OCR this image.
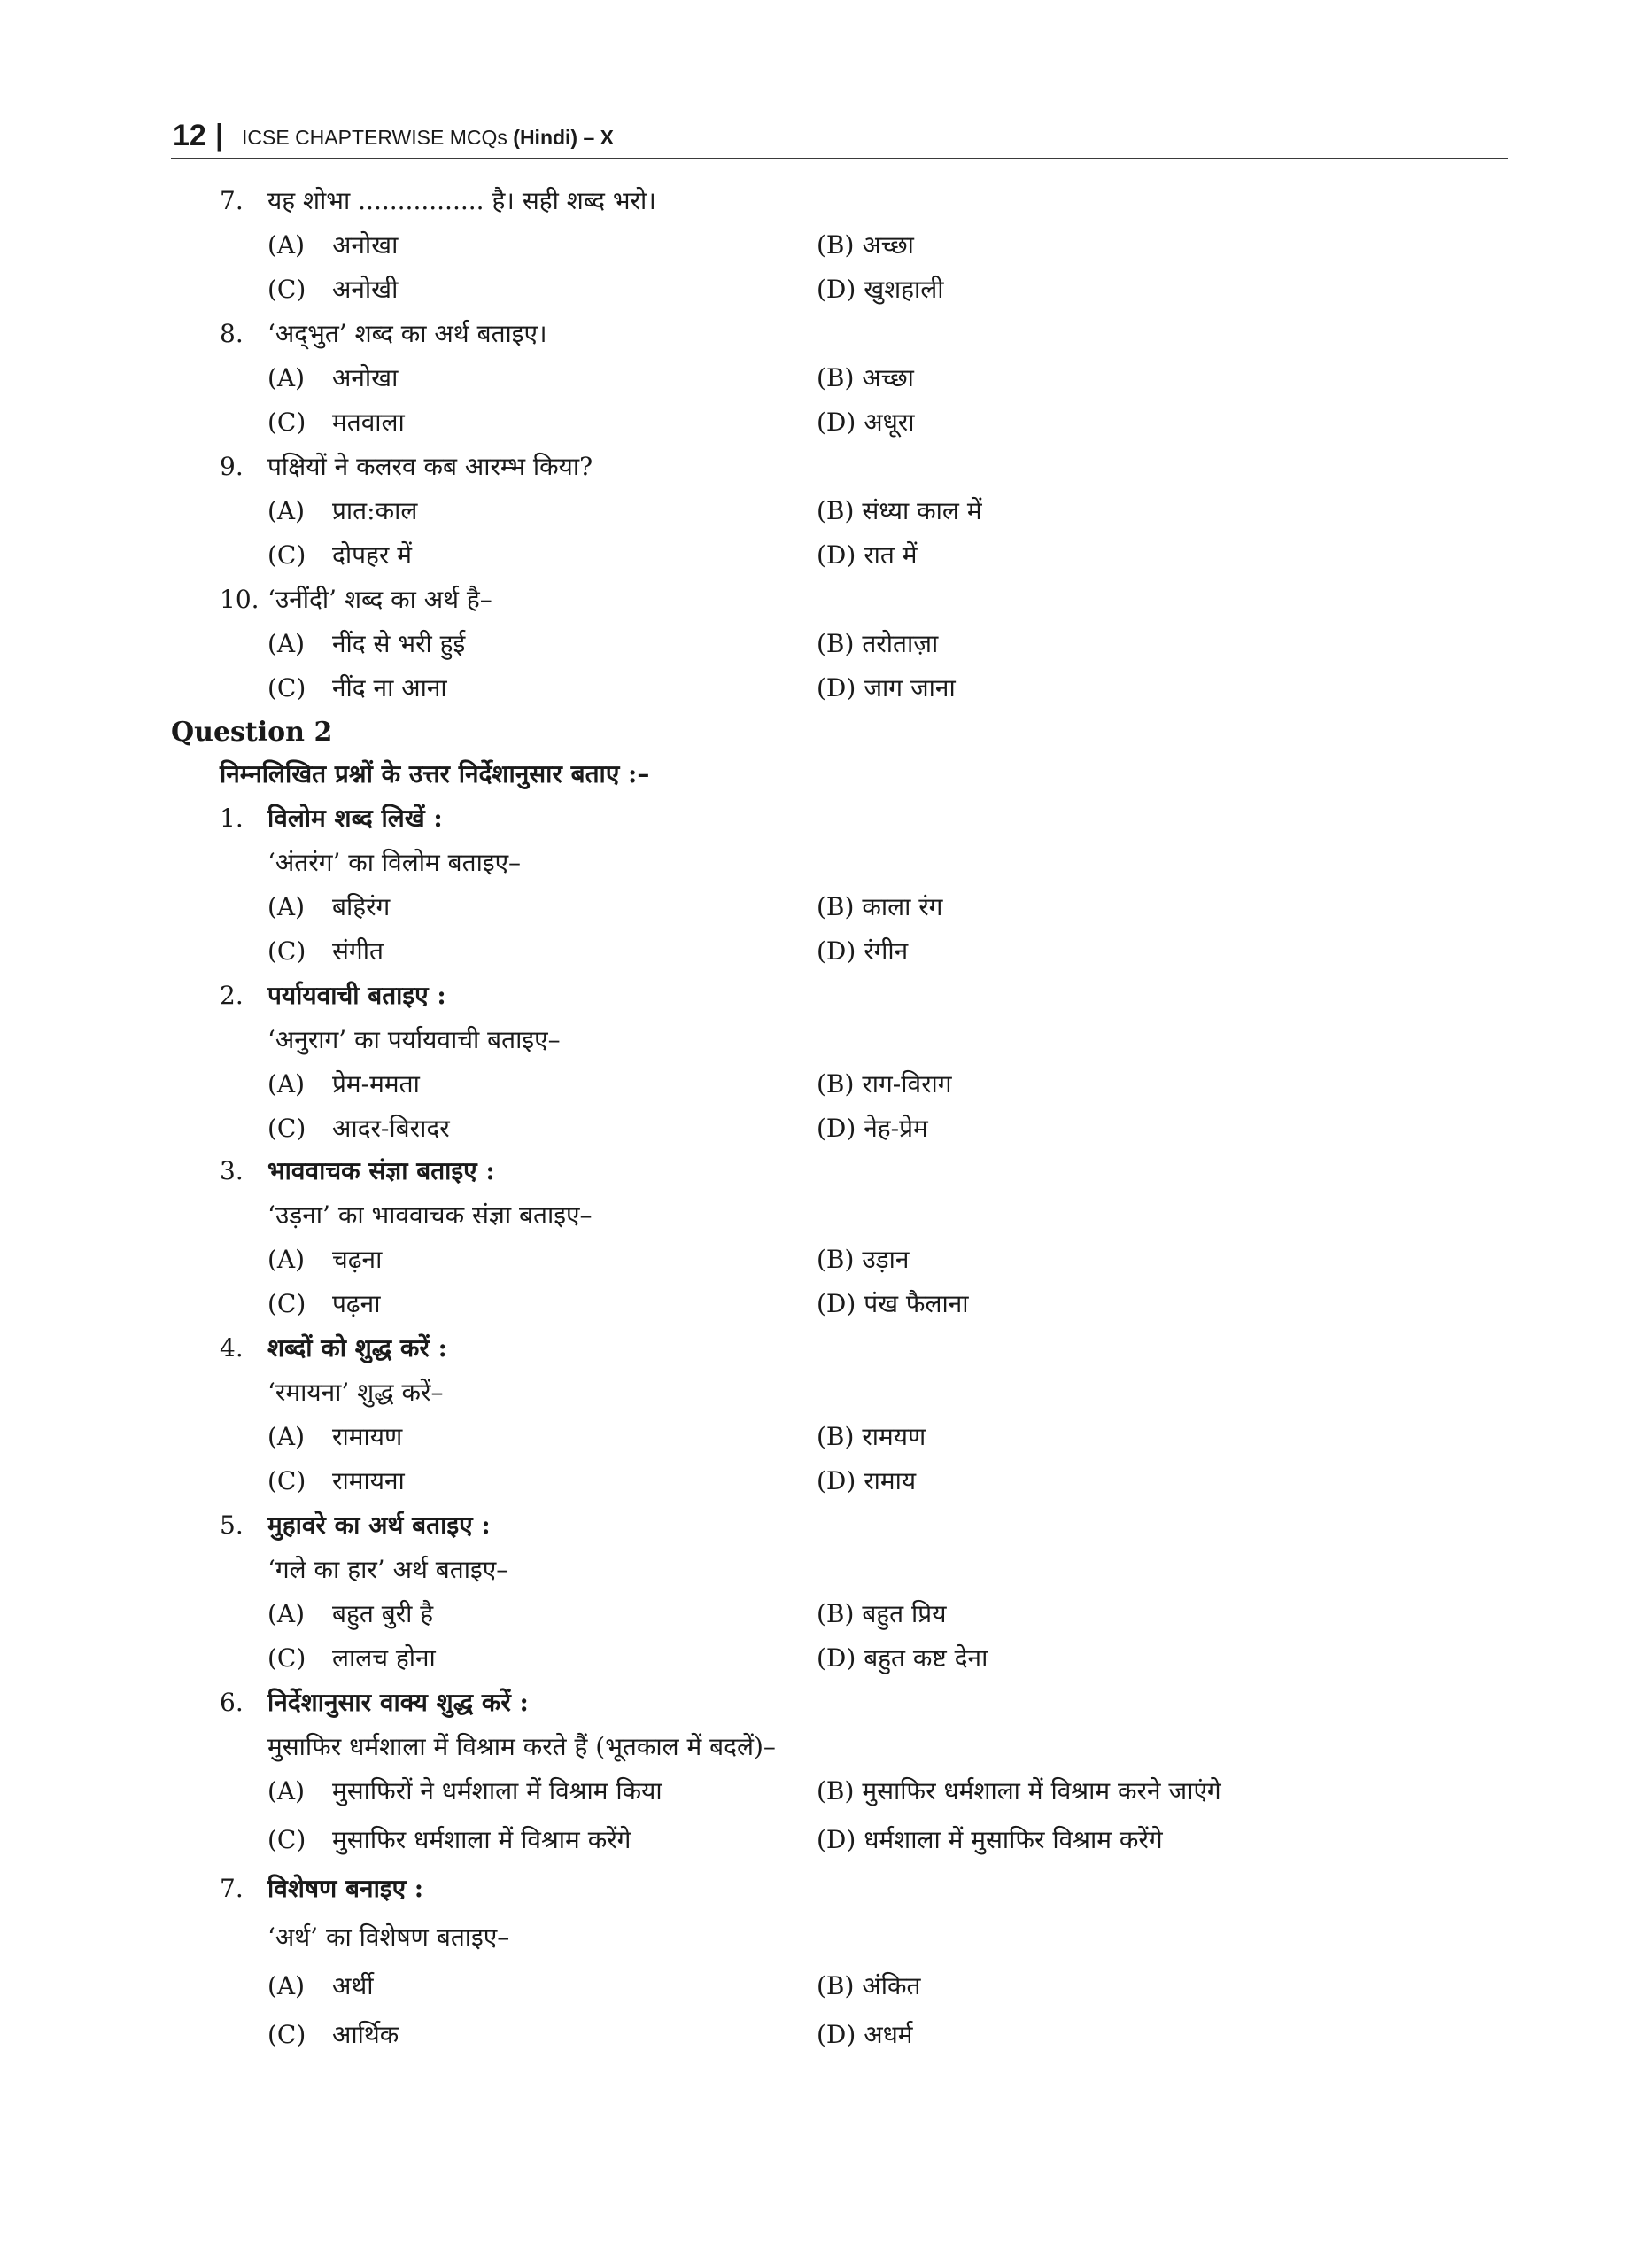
12 | ICSE CHAPTERWISE MCQs (Hindi) – X
7. यह शोभा ................ है। सही शब्द भरो।
(A) अनोखा	(B) अच्छा
(C) अनोखी	(D) खुशहाली
8. ‘अद्‌भुत’ शब्द का अर्थ बताइए।
(A) अनोखा	(B) अच्छा
(C) मतवाला	(D) अधूरा
9. पक्षियों ने कलरव कब आरम्भ किया?
(A) प्रात:काल	(B) संध्या काल में
(C) दोपहर में	(D) रात में
10. ‘उनींदी’ शब्द का अर्थ है–
(A) नींद से भरी हुई	(B) तरोताज़ा
(C) नींद ना आना	(D) जाग जाना
Question 2
निम्नलिखित प्रश्नों के उत्तर निर्देशानुसार बताए :–
1. विलोम शब्द लिखें :
‘अंतरंग’ का विलोम बताइए–
(A) बहिरंग	(B) काला रंग
(C) संगीत	(D) रंगीन
2. पर्यायवाची बताइए :
‘अनुराग’ का पर्यायवाची बताइए–
(A) प्रेम-ममता	(B) राग-विराग
(C) आदर-बिरादर	(D) नेह-प्रेम
3. भाववाचक संज्ञा बताइए :
‘उड़ना’ का भाववाचक संज्ञा बताइए–
(A) चढ़ना	(B) उड़ान
(C) पढ़ना	(D) पंख फैलाना
4. शब्दों को शुद्ध करें :
‘रमायना’ शुद्ध करें–
(A) रामायण	(B) रामयण
(C) रामायना	(D) रामाय
5. मुहावरे का अर्थ बताइए :
‘गले का हार’ अर्थ बताइए–
(A) बहुत बुरी है	(B) बहुत प्रिय
(C) लालच होना	(D) बहुत कष्ट देना
6. निर्देशानुसार वाक्य शुद्ध करें :
मुसाफिर धर्मशाला में विश्राम करते हैं (भूतकाल में बदलें)–
(A) मुसाफिरों ने धर्मशाला में विश्राम किया	(B) मुसाफिर धर्मशाला में विश्राम करने जाएंगे
(C) मुसाफिर धर्मशाला में विश्राम करेंगे	(D) धर्मशाला में मुसाफिर विश्राम करेंगे
7. विशेषण बनाइए :
‘अर्थ’ का विशेषण बताइए–
(A) अर्थी	(B) अंकित
(C) आर्थिक	(D) अधर्म
